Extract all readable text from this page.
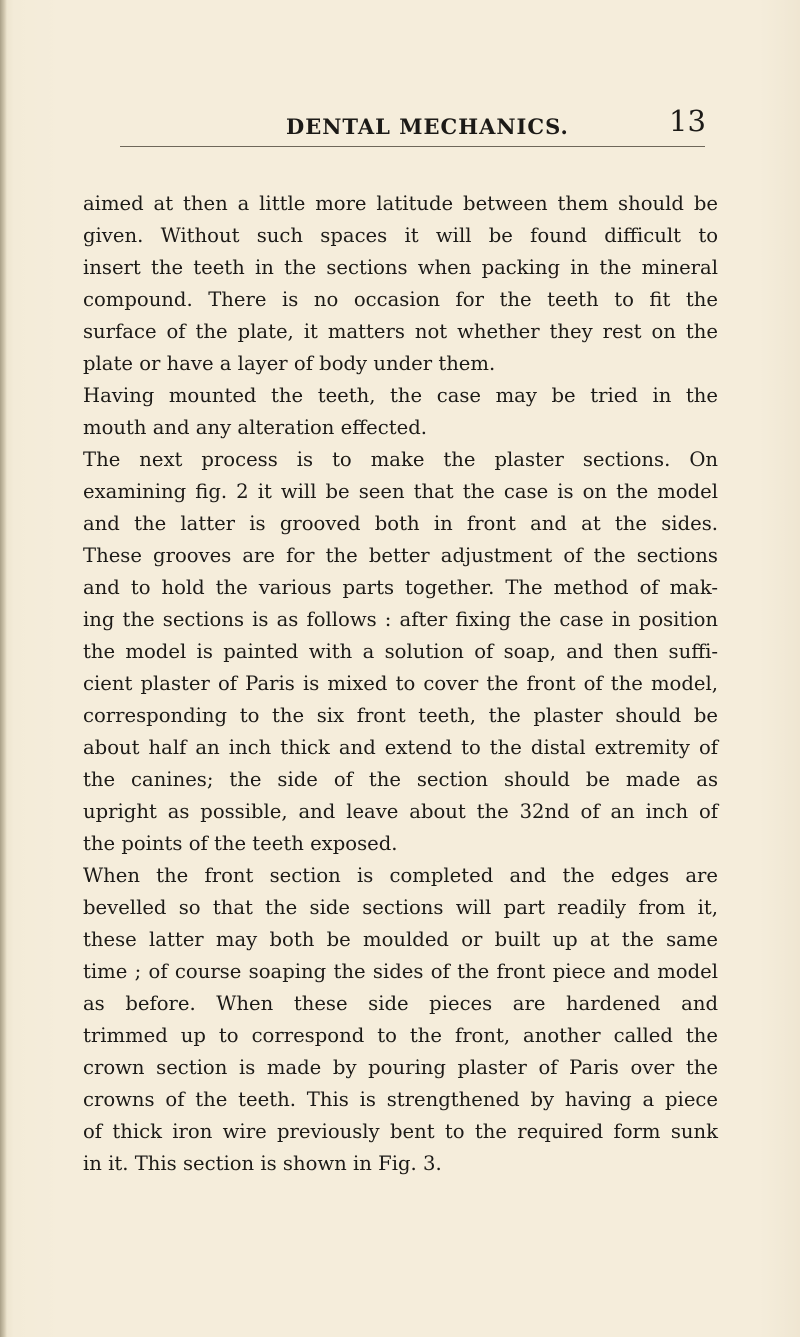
DENTAL MECHANICS.	13
aimed at then a little more latitude between them should be
given. Without such spaces it will be found difficult to
insert the teeth in the sections when packing in the mineral
compound. There is no occasion for the teeth to fit the
surface of the plate, it matters not whether they rest on the
plate or have a layer of body under them.
Having mounted the teeth, the case may be tried in the
mouth and any alteration effected.
The next process is to make the plaster sections. On
examining fig. 2 it will be seen that the case is on the model
and the latter is grooved both in front and at the sides.
These grooves are for the better adjustment of the sections
and to hold the various parts together. The method of mak-
ing the sections is as follows : after fixing the case in position
the model is painted with a solution of soap, and then suffi-
cient plaster of Paris is mixed to cover the front of the model,
corresponding to the six front teeth, the plaster should be
about half an inch thick and extend to the distal extremity of
the canines; the side of the section should be made as
upright as possible, and leave about the 32nd of an inch of
the points of the teeth exposed.
When the front section is completed and the edges are
bevelled so that the side sections will part readily from it,
these latter may both be moulded or built up at the same
time ; of course soaping the sides of the front piece and model
as before. When these side pieces are hardened and
trimmed up to correspond to the front, another called the
crown section is made by pouring plaster of Paris over the
crowns of the teeth. This is strengthened by having a piece
of thick iron wire previously bent to the required form sunk
in it. This section is shown in Fig. 3.
